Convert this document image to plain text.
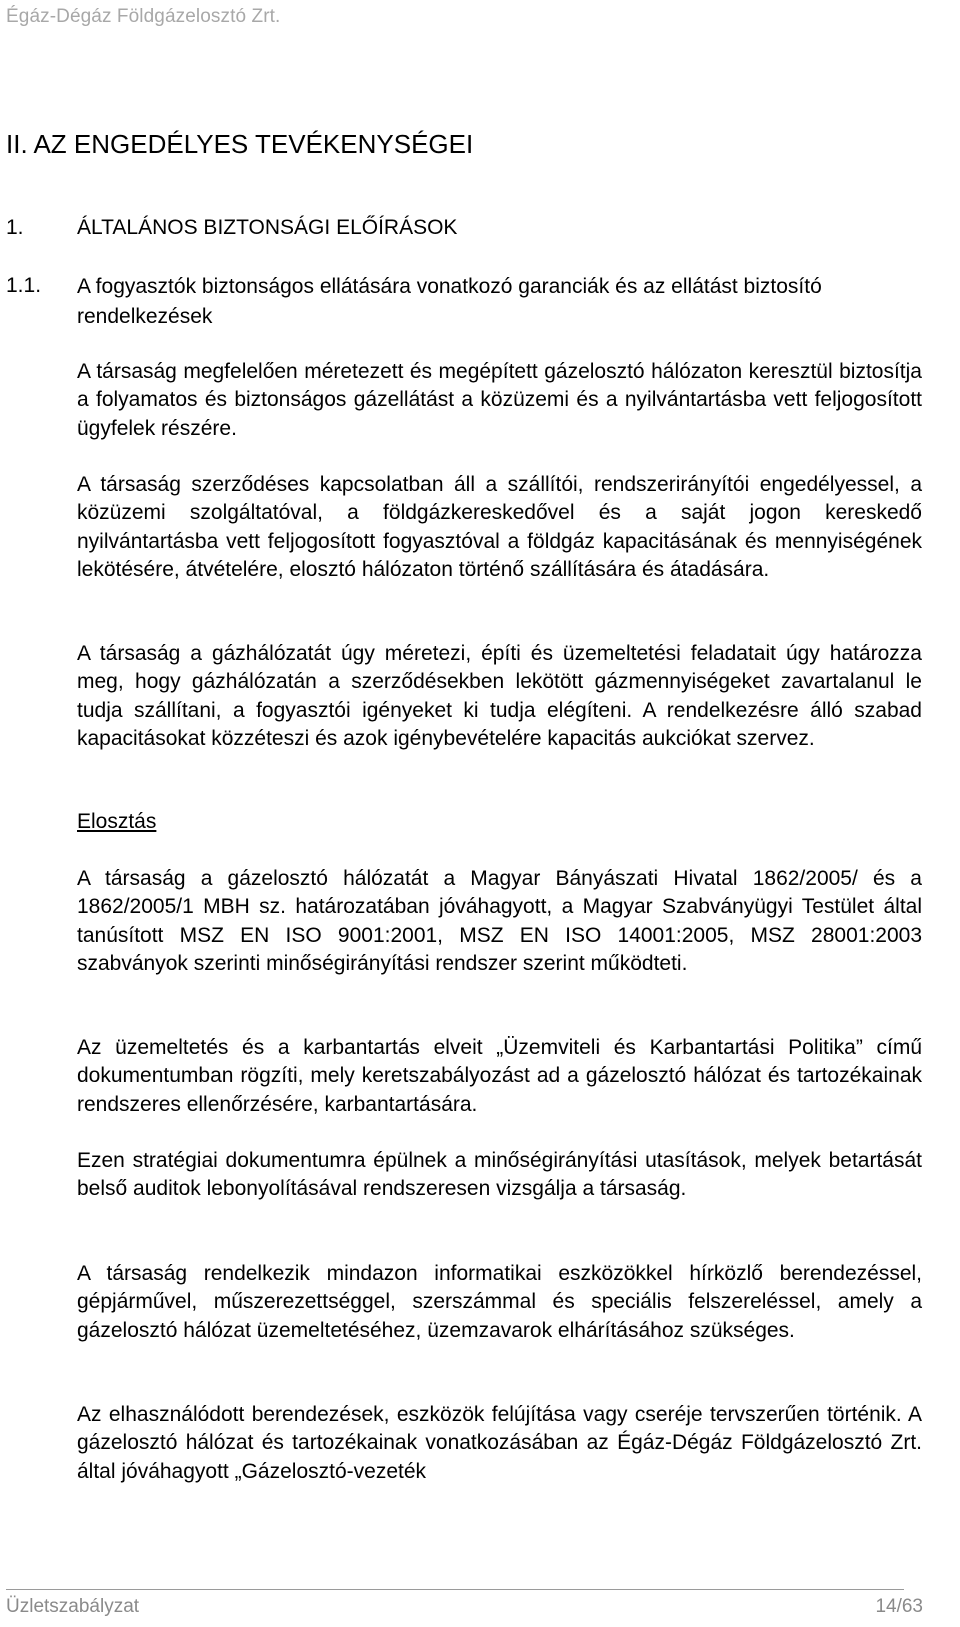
Égáz-Dégáz Földgázelosztó Zrt.
II. AZ ENGEDÉLYES TEVÉKENYSÉGEI
1.	ÁLTALÁNOS BIZTONSÁGI ELŐÍRÁSOK
1.1. A fogyasztók biztonságos ellátására vonatkozó garanciák és az ellátást biztosító rendelkezések

A társaság megfelelően méretezett és megépített gázelosztó hálózaton keresztül biztosítja a folyamatos és biztonságos gázellátást a közüzemi és a nyilvántartásba vett feljogosított ügyfelek részére.

A társaság szerződéses kapcsolatban áll a szállítói, rendszerirányítói engedélyessel, a közüzemi szolgáltatóval, a földgázkereskedővel és a saját jogon kereskedő nyilvántartásba vett feljogosított fogyasztóval a földgáz kapacitásának és mennyiségének lekötésére, átvételére, elosztó hálózaton történő szállítására és átadására.

A társaság a gázhálózatát úgy méretezi, építi és üzemeltetési feladatait úgy határozza meg, hogy gázhálózatán a szerződésekben lekötött gázmennyiségeket zavartalanul le tudja szállítani, a fogyasztói igényeket ki tudja elégíteni. A rendelkezésre álló szabad kapacitásokat közzéteszi és azok igénybevételére kapacitás aukciókat szervez.

Elosztás

A társaság a gázelosztó hálózatát a Magyar Bányászati Hivatal 1862/2005/ és a 1862/2005/1 MBH sz. határozatában jóváhagyott, a Magyar Szabványügyi Testület által tanúsított MSZ EN ISO 9001:2001, MSZ EN ISO 14001:2005, MSZ 28001:2003 szabványok szerinti minőségirányítási rendszer szerint működteti.

Az üzemeltetés és a karbantartás elveit „Üzemviteli és Karbantartási Politika” című dokumentumban rögzíti, mely keretszabályozást ad a gázelosztó hálózat és tartozékainak rendszeres ellenőrzésére, karbantartására.

Ezen stratégiai dokumentumra épülnek a minőségirányítási utasítások, melyek betartását belső auditok lebonyolításával rendszeresen vizsgálja a társaság.

A társaság rendelkezik mindazon informatikai eszközökkel hírközlő berendezéssel, gépjárművel, műszerezettséggel, szerszámmal és speciális felszereléssel, amely a gázelosztó hálózat üzemeltetéséhez, üzemzavarok elhárításához szükséges.

Az elhasználódott berendezések, eszközök felújítása vagy cseréje tervszerűen történik. A gázelosztó hálózat és tartozékainak vonatkozásában az Égáz-Dégáz Földgázelosztó Zrt. által jóváhagyott „Gázelosztó-vezeték

Üzletszabályzat	14/63
